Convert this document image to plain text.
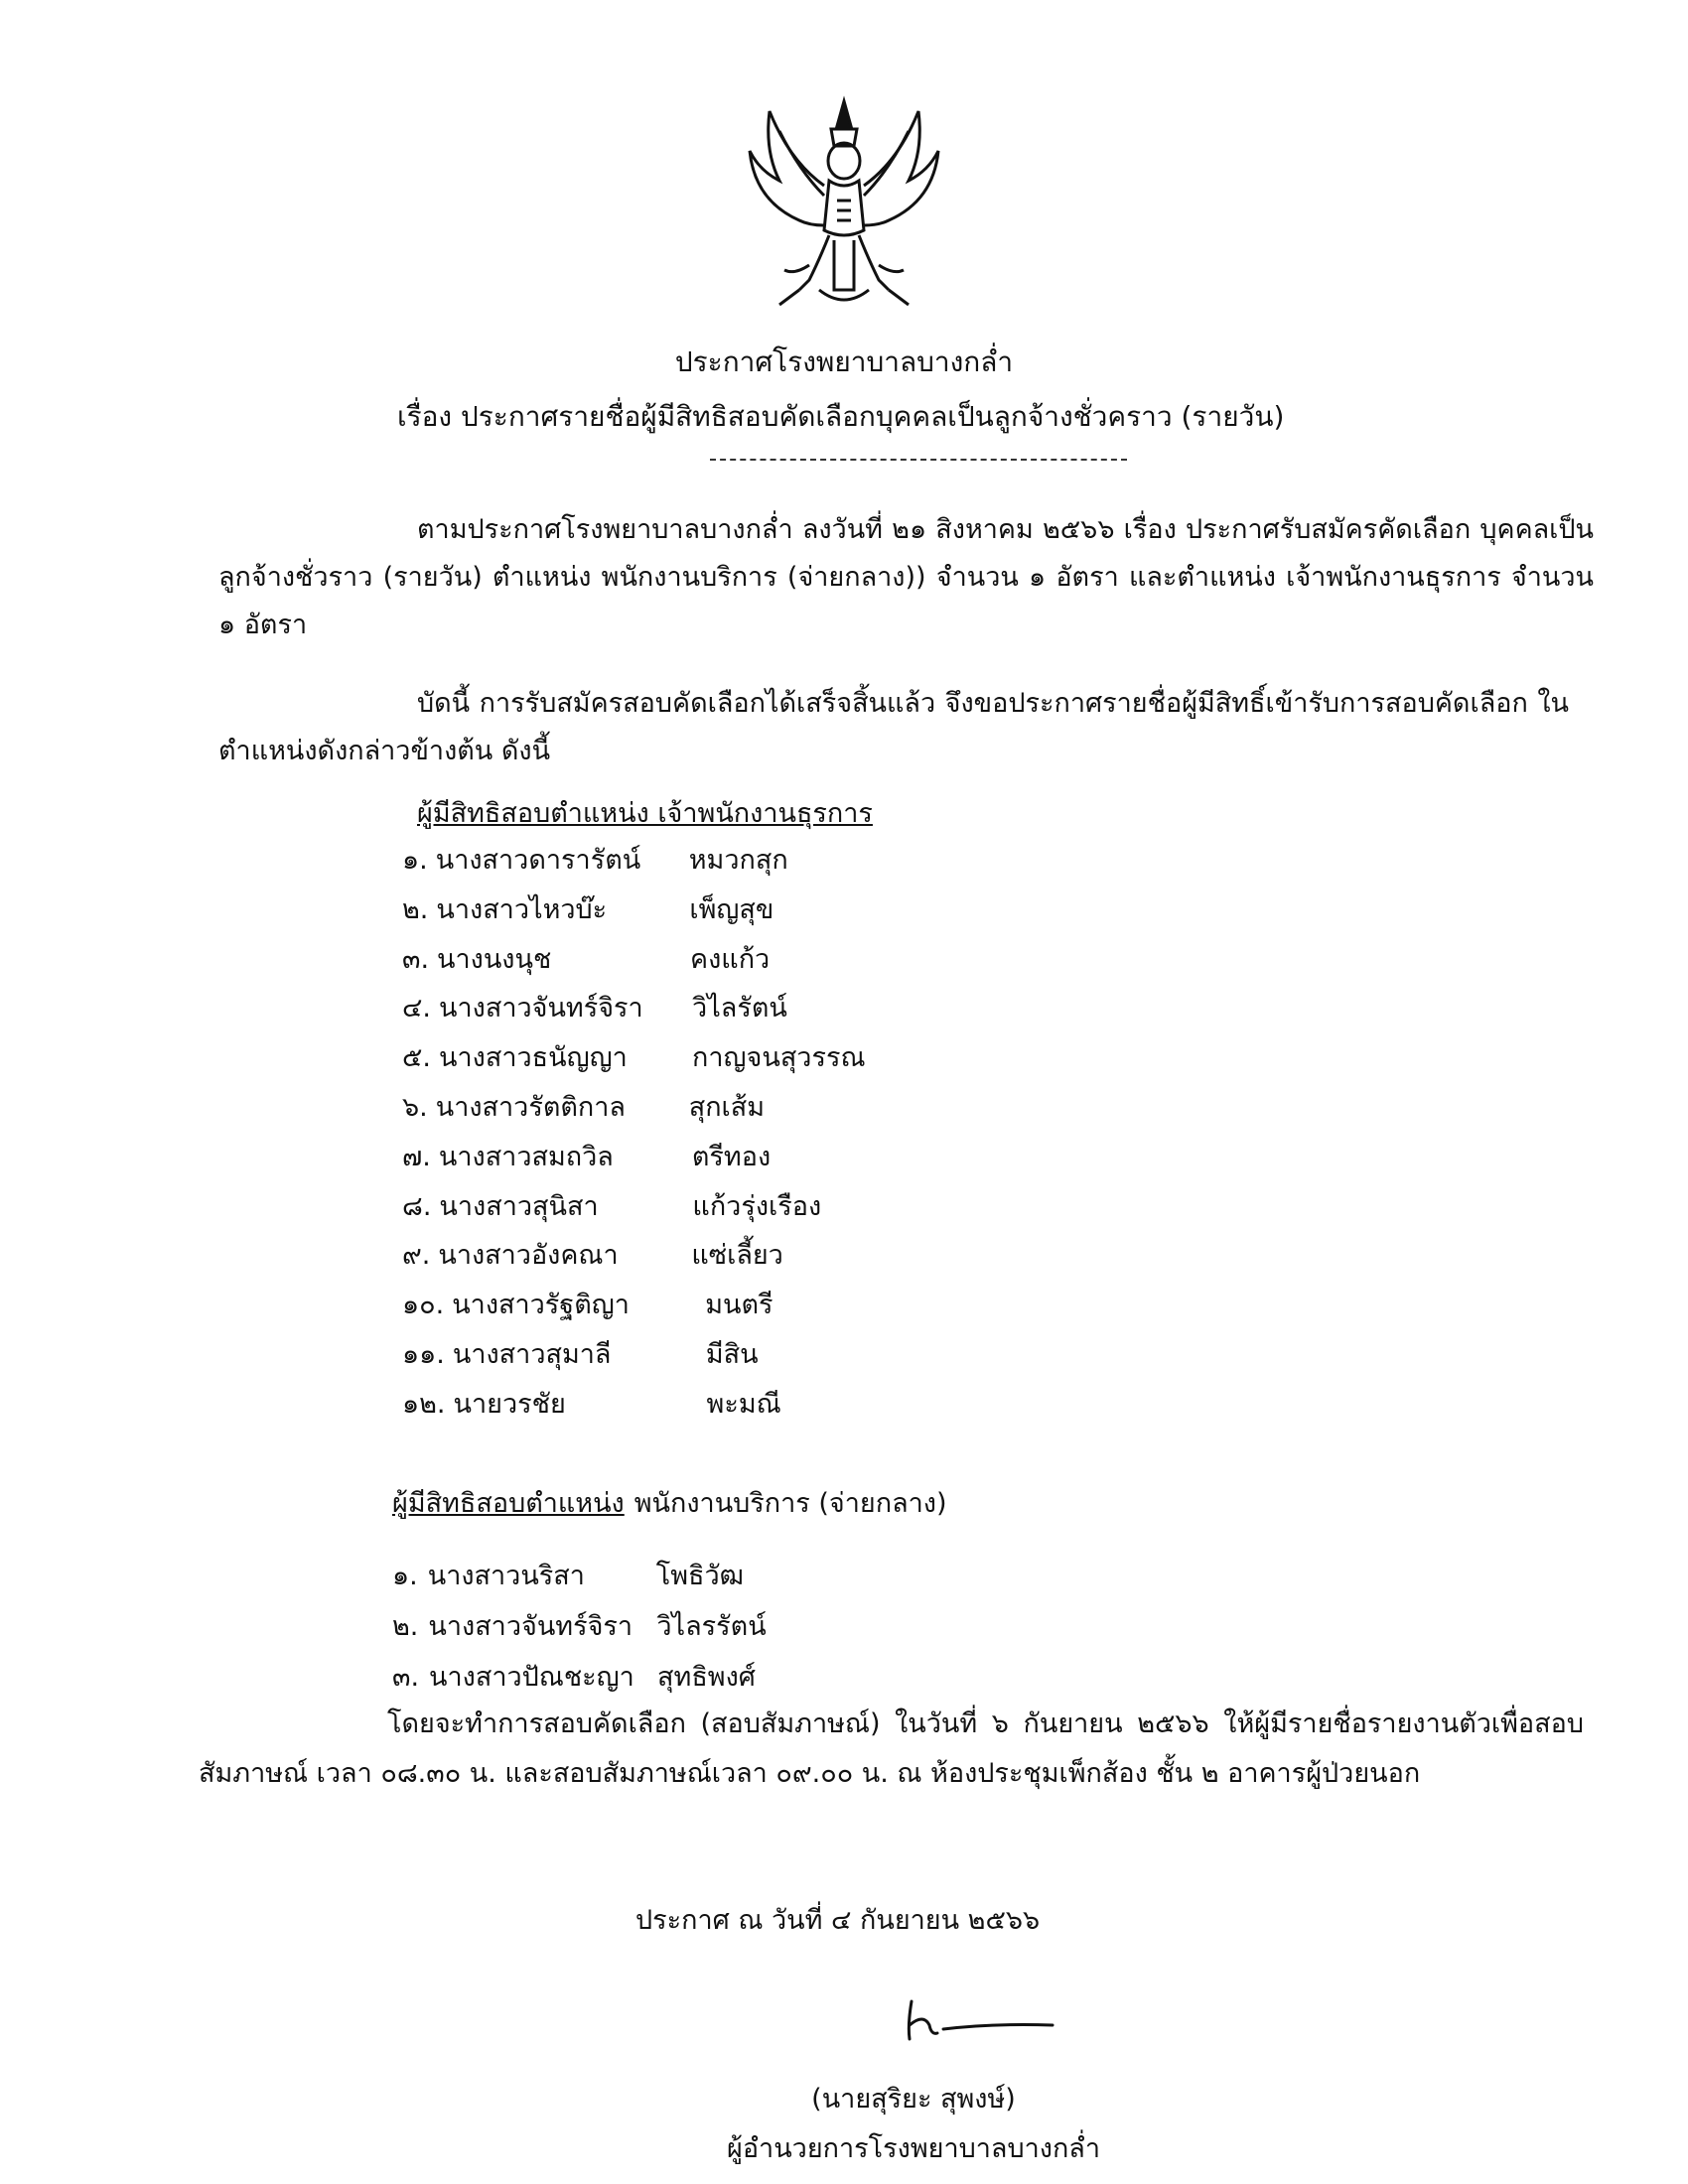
ประกาศโรงพยาบาลบางกล่ำ
เรื่อง ประกาศรายชื่อผู้มีสิทธิสอบคัดเลือกบุคคลเป็นลูกจ้างชั่วคราว (รายวัน)
ตามประกาศโรงพยาบาลบางกล่ำ ลงวันที่ ๒๑ สิงหาคม ๒๕๖๖ เรื่อง ประกาศรับสมัครคัดเลือก บุคคลเป็นลูกจ้างชั่วราว (รายวัน) ตำแหน่ง พนักงานบริการ (จ่ายกลาง)) จำนวน ๑ อัตรา และตำแหน่ง เจ้าพนักงานธุรการ จำนวน ๑ อัตรา
บัดนี้ การรับสมัครสอบคัดเลือกได้เสร็จสิ้นแล้ว จึงขอประกาศรายชื่อผู้มีสิทธิ์เข้ารับการสอบคัดเลือก ในตำแหน่งดังกล่าวข้างต้น ดังนี้
ผู้มีสิทธิสอบตำแหน่ง เจ้าพนักงานธุรการ
๑. นางสาวดารารัตน์ หมวกสุก
๒. นางสาวไหวบ๊ะ	เพ็ญสุข
๓. นางนงนุช	คงแก้ว
๔. นางสาวจันทร์จิรา วิไลรัตน์
๕. นางสาวธนัญญา กาญจนสุวรรณ
๖. นางสาวรัตติกาล สุกเส้ม
๗. นางสาวสมถวิล	ตรีทอง
๘. นางสาวสุนิสา	แก้วรุ่งเรือง
๙. นางสาวอังคณา	แซ่เลี้ยว
๑๐. นางสาวรัฐติญา	มนตรี
๑๑. นางสาวสุมาลี	มีสิน
๑๒. นายวรชัย	พะมณี
ผู้มีสิทธิสอบตำแหน่ง พนักงานบริการ (จ่ายกลาง)
๑. นางสาวนริสา	โพธิวัฒ
๒. นางสาวจันทร์จิรา วิไลรรัตน์
๓. นางสาวปัณชะญา สุทธิพงศ์
โดยจะทำการสอบคัดเลือก (สอบสัมภาษณ์) ในวันที่ ๖ กันยายน ๒๕๖๖ ให้ผู้มีรายชื่อรายงานตัวเพื่อสอบสัมภาษณ์ เวลา ๐๘.๓๐ น. และสอบสัมภาษณ์เวลา ๐๙.๐๐ น. ณ ห้องประชุมเพ็กส้อง ชั้น ๒ อาคารผู้ป่วยนอก
ประกาศ ณ วันที่ ๔ กันยายน ๒๕๖๖
(นายสุริยะ สุพงษ์)
ผู้อำนวยการโรงพยาบาลบางกล่ำ
